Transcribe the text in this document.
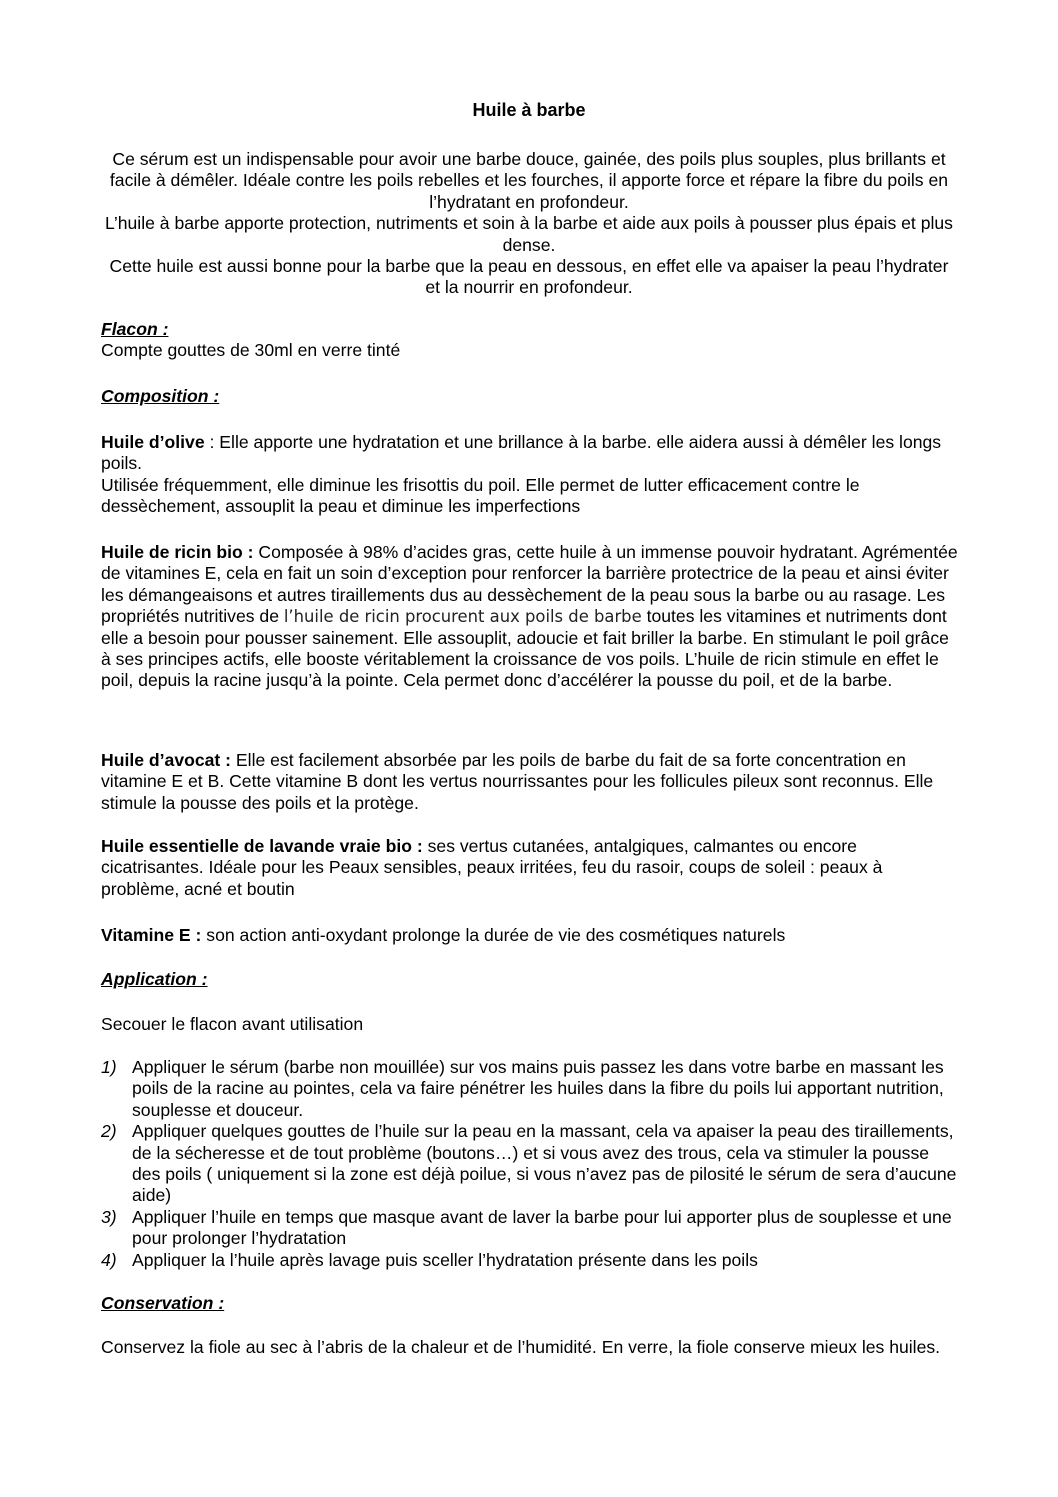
Huile à barbe

Ce sérum est un indispensable pour avoir une barbe douce, gainée, des poils plus souples, plus brillants et facile à démêler. Idéale contre les poils rebelles et les fourches, il apporte force et répare la fibre du poils en l’hydratant en profondeur.

L’huile à barbe apporte protection, nutriments et soin à la barbe et aide aux poils à pousser plus épais et plus dense.

Cette huile est aussi bonne pour la barbe que la peau en dessous, en effet elle va apaiser la peau l’hydrater et la nourrir en profondeur.

Flacon :

Compte gouttes de 30ml en verre tinté

Composition :

Huile d’olive : Elle apporte une hydratation et une brillance à la barbe. elle aidera aussi à démêler les longs poils.

Utilisée fréquemment, elle diminue les frisottis du poil. Elle permet de lutter efficacement contre le dessèchement, assouplit la peau et diminue les imperfections

Huile de ricin bio : Composée à 98% d’acides gras, cette huile à un immense pouvoir hydratant. Agrémentée de vitamines E, cela en fait un soin d’exception pour renforcer la barrière protectrice de la peau et ainsi éviter les démangeaisons et autres tiraillements dus au dessèchement de la peau sous la barbe ou au rasage. Les propriétés nutritives de l’huile de ricin procurent aux poils de barbe toutes les vitamines et nutriments dont elle a besoin pour pousser sainement. Elle assouplit, adoucie et fait briller la barbe. En stimulant le poil grâce à ses principes actifs, elle booste véritablement la croissance de vos poils. L’huile de ricin stimule en effet le poil, depuis la racine jusqu’à la pointe. Cela permet donc d’accélérer la pousse du poil, et de la barbe.

Huile d’avocat : Elle est facilement absorbée par les poils de barbe du fait de sa forte concentration en vitamine E et B. Cette vitamine B dont les vertus nourrissantes pour les follicules pileux sont reconnus. Elle stimule la pousse des poils et la protège.

Huile essentielle de lavande vraie bio : ses vertus cutanées, antalgiques, calmantes ou encore cicatrisantes. Idéale pour les Peaux sensibles, peaux irritées, feu du rasoir, coups de soleil : peaux à problème, acné et boutin

Vitamine E : son action anti-oxydant prolonge la durée de vie des cosmétiques naturels

Application :

Secouer le flacon avant utilisation

1) Appliquer le sérum (barbe non mouillée) sur vos mains puis passez les dans votre barbe en massant les poils de la racine au pointes, cela va faire pénétrer les huiles dans la fibre du poils lui apportant nutrition, souplesse et douceur.
2) Appliquer quelques gouttes de l’huile sur la peau en la massant, cela va apaiser la peau des tiraillements, de la sécheresse et de tout problème (boutons…) et si vous avez des trous, cela va stimuler la pousse des poils ( uniquement si la zone est déjà poilue, si vous n’avez pas de pilosité le sérum de sera d’aucune aide)
3) Appliquer l’huile en temps que masque avant de laver la barbe pour lui apporter plus de souplesse et une pour prolonger l’hydratation
4) Appliquer la l’huile après lavage puis sceller l’hydratation présente dans les poils

Conservation :

Conservez la fiole au sec à l’abris de la chaleur et de l’humidité. En verre, la fiole conserve mieux les huiles.
